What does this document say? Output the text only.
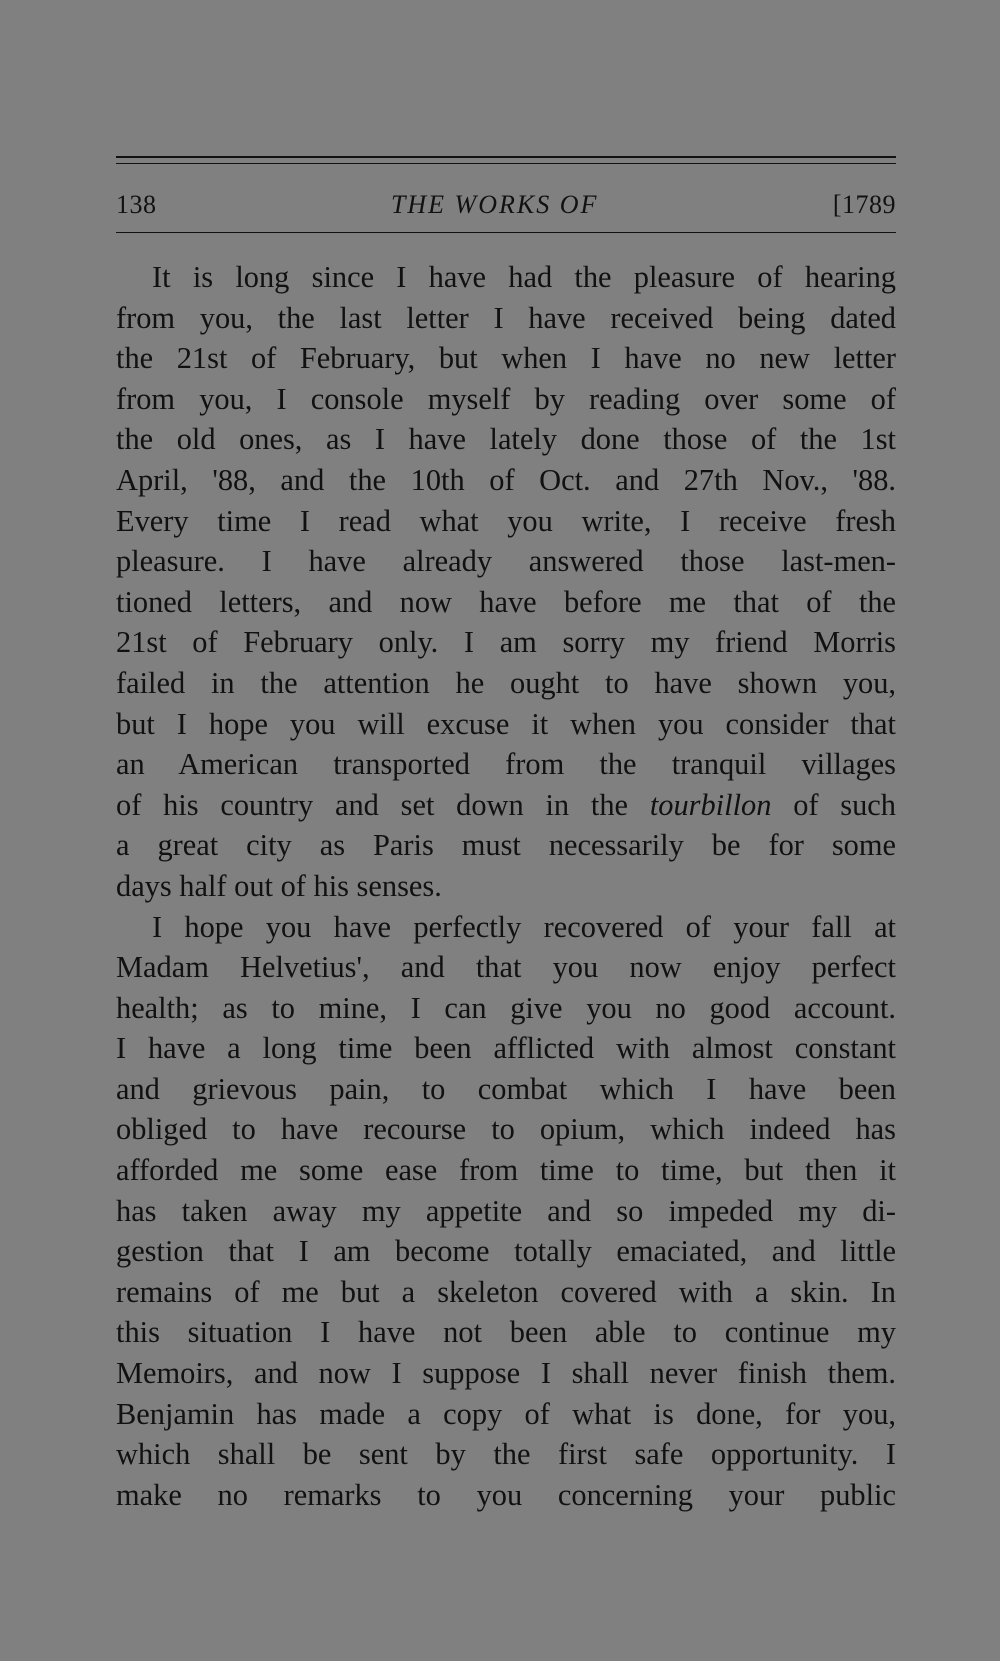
138	THE WORKS OF	[1789
It is long since I have had the pleasure of hearing
from you, the last letter I have received being dated
the 21st of February, but when I have no new letter
from you, I console myself by reading over some of
the old ones, as I have lately done those of the 1st
April, '88, and the 10th of Oct. and 27th Nov., '88.
Every time I read what you write, I receive fresh
pleasure. I have already answered those last-men-
tioned letters, and now have before me that of the
21st of February only. I am sorry my friend Morris
failed in the attention he ought to have shown you,
but I hope you will excuse it when you consider that
an American transported from the tranquil villages
of his country and set down in the tourbillon of such
a great city as Paris must necessarily be for some
days half out of his senses.
I hope you have perfectly recovered of your fall at
Madam Helvetius', and that you now enjoy perfect
health; as to mine, I can give you no good account.
I have a long time been afflicted with almost constant
and grievous pain, to combat which I have been
obliged to have recourse to opium, which indeed has
afforded me some ease from time to time, but then it
has taken away my appetite and so impeded my di-
gestion that I am become totally emaciated, and little
remains of me but a skeleton covered with a skin. In
this situation I have not been able to continue my
Memoirs, and now I suppose I shall never finish them.
Benjamin has made a copy of what is done, for you,
which shall be sent by the first safe opportunity. I
make no remarks to you concerning your public
